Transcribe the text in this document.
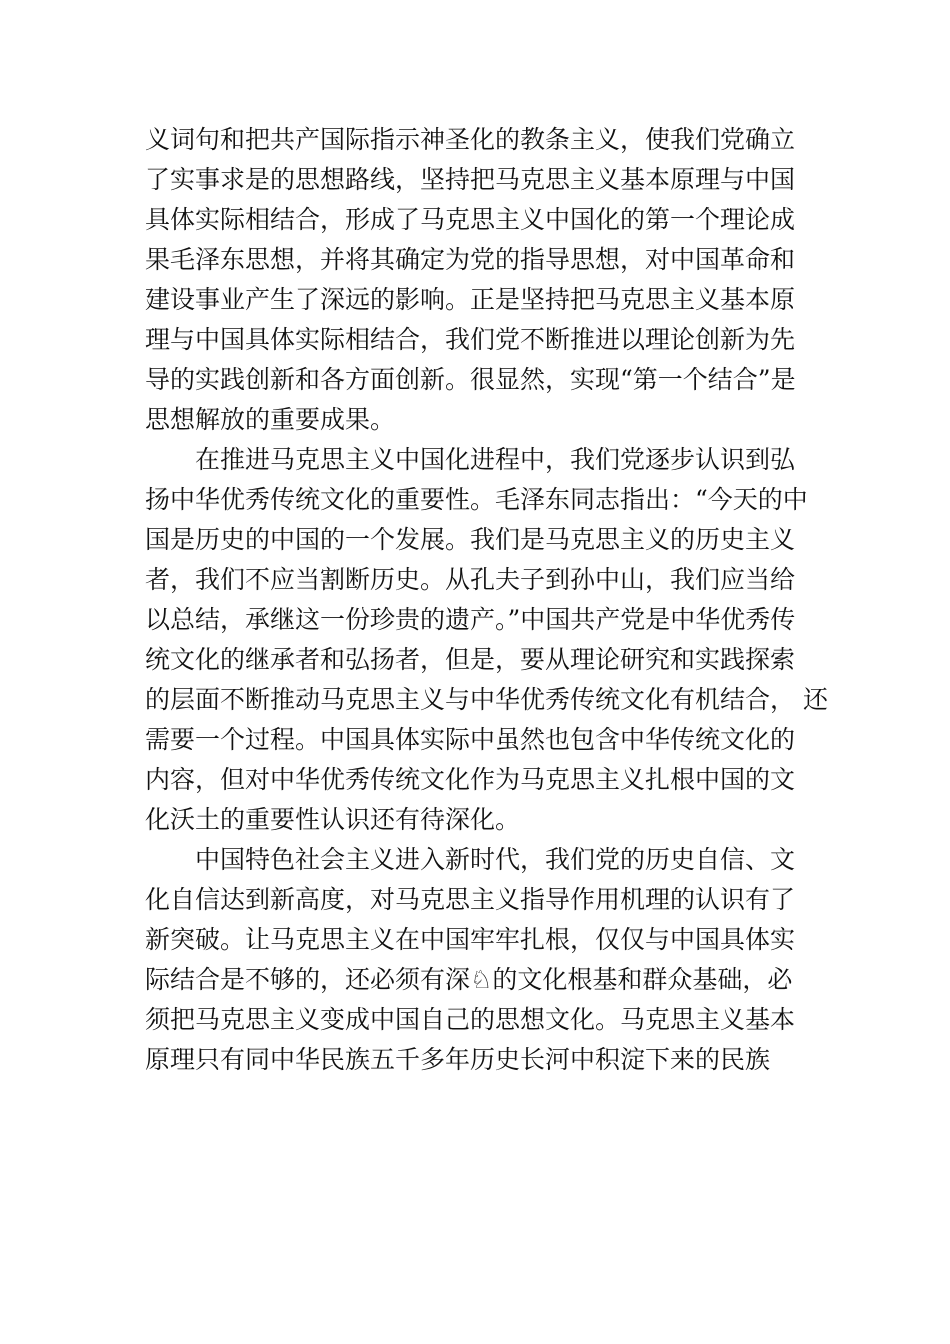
义词句和把共产国际指示神圣化的教条主义，使我们党确立
了实事求是的思想路线，坚持把马克思主义基本原理与中国
具体实际相结合，形成了马克思主义中国化的第一个理论成
果毛泽东思想，并将其确定为党的指导思想，对中国革命和
建设事业产生了深远的影响。正是坚持把马克思主义基本原
理与中国具体实际相结合，我们党不断推进以理论创新为先
导的实践创新和各方面创新。很显然，实现“第一个结合”是
思想解放的重要成果。
在推进马克思主义中国化进程中，我们党逐步认识到弘
扬中华优秀传统文化的重要性。毛泽东同志指出：“今天的中
国是历史的中国的一个发展。我们是马克思主义的历史主义
者，我们不应当割断历史。从孔夫子到孙中山，我们应当给
以总结，承继这一份珍贵的遗产。”中国共产党是中华优秀传
统文化的继承者和弘扬者，但是，要从理论研究和实践探索
的层面不断推动马克思主义与中华优秀传统文化有机结合， 还
需要一个过程。中国具体实际中虽然也包含中华传统文化的
内容，但对中华优秀传统文化作为马克思主义扎根中国的文
化沃土的重要性认识还有待深化。
中国特色社会主义进入新时代，我们党的历史自信、文
化自信达到新高度，对马克思主义指导作用机理的认识有了
新突破。让马克思主义在中国牢牢扎根，仅仅与中国具体实
际结合是不够的，还必须有深♘的文化根基和群众基础，必
须把马克思主义变成中国自己的思想文化。马克思主义基本
原理只有同中华民族五千多年历史长河中积淀下来的民族
